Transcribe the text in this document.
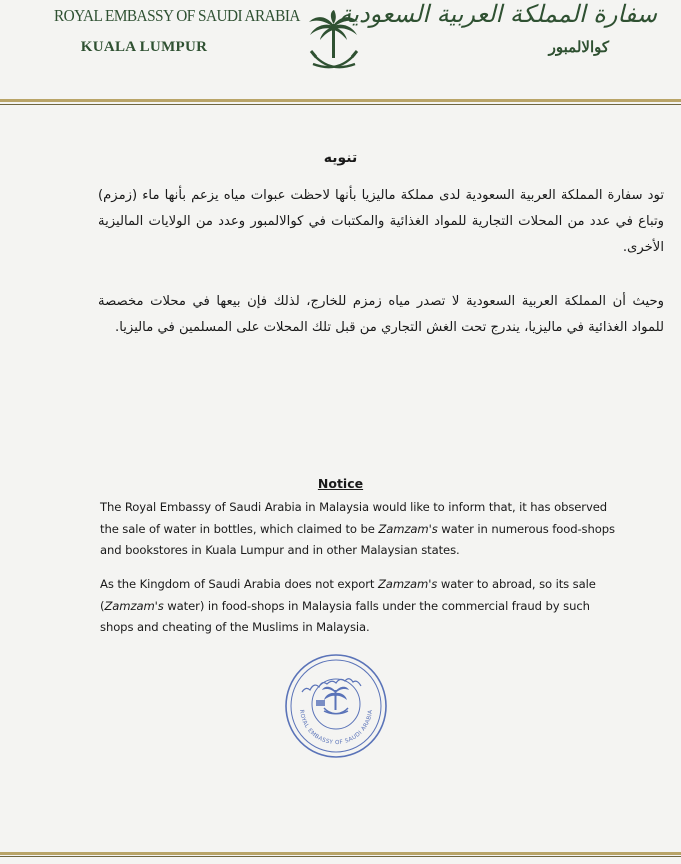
ROYAL EMBASSY OF SAUDI ARABIA
KUALA LUMPUR
سفارة المملكة العربية السعودية
كوالالمبور
تنويه
تود سفارة المملكة العربية السعودية لدى مملكة ماليزيا بأنها لاحظت عبوات مياه يزعم بأنها ماء (زمزم) وتباع في عدد من المحلات التجارية للمواد الغذائية والمكتبات في كوالالمبور وعدد من الولايات الماليزية الأخرى.
وحيث أن المملكة العربية السعودية لا تصدر مياه زمزم للخارج، لذلك فإن بيعها في محلات مخصصة للمواد الغذائية في ماليزيا، يندرج تحت الغش التجاري من قبل تلك المحلات على المسلمين في ماليزيا.
Notice
The Royal Embassy of Saudi Arabia in Malaysia would like to inform that, it has observed the sale of water in bottles, which claimed to be Zamzam's water in numerous food-shops and bookstores in Kuala Lumpur and in other Malaysian states.
As the Kingdom of Saudi Arabia does not export Zamzam's water to abroad, so its sale (Zamzam's water) in food-shops in Malaysia falls under the commercial fraud by such shops and cheating of the Muslims in Malaysia.
ROYAL EMBASSY OF SAUDI ARABIA
